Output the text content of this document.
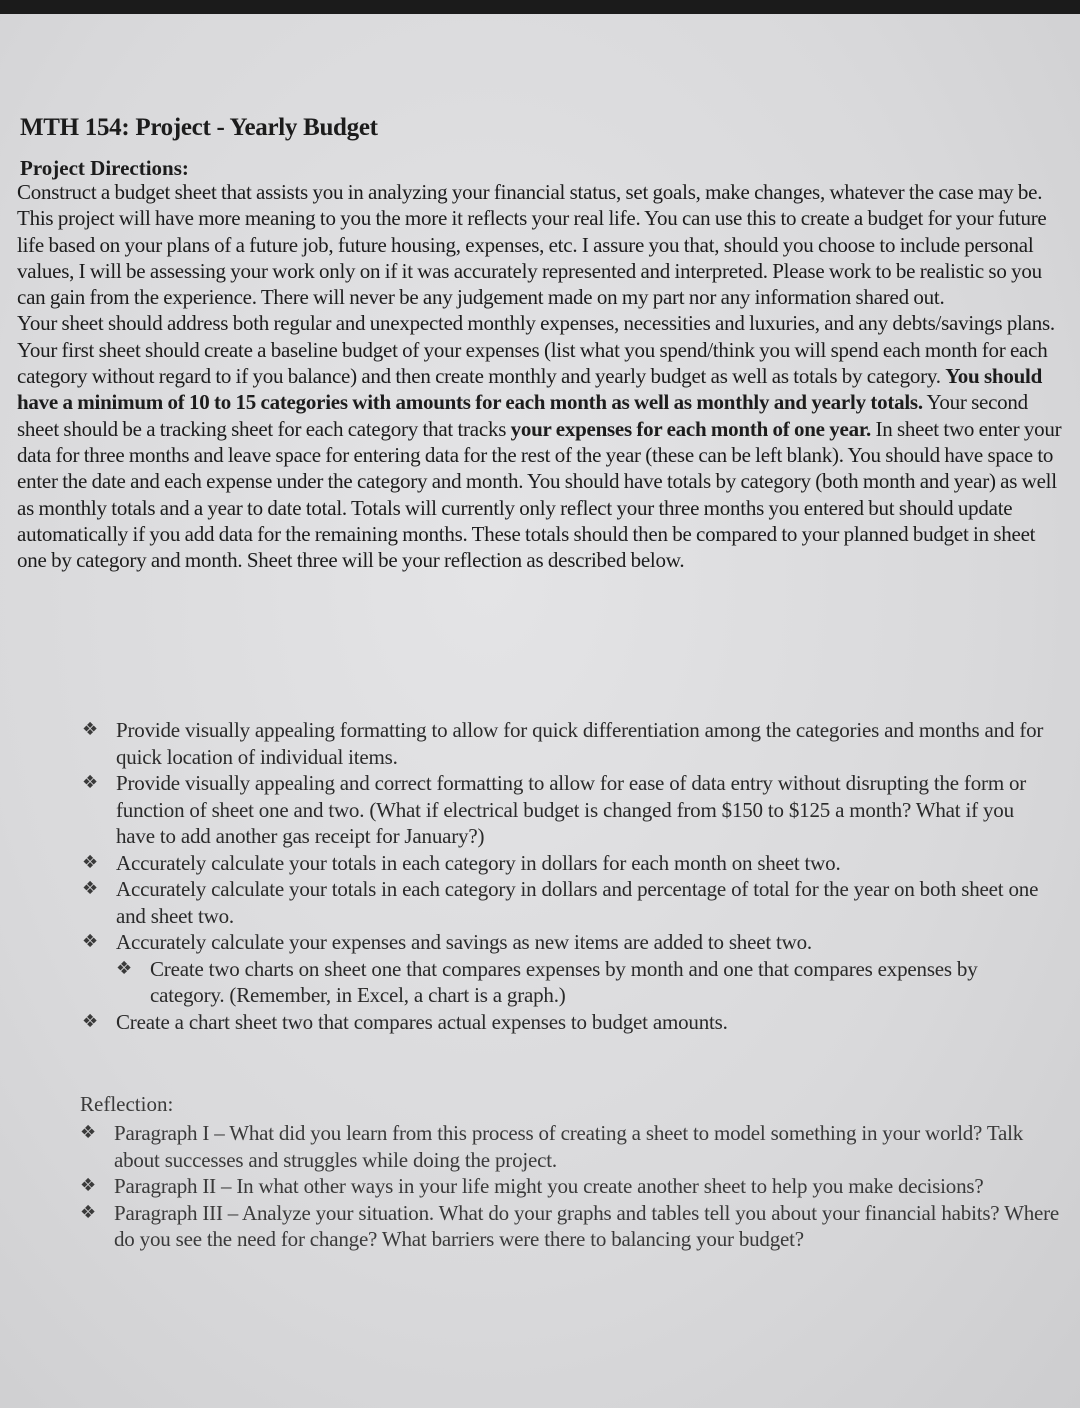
MTH 154: Project - Yearly Budget
Project Directions:

Construct a budget sheet that assists you in analyzing your financial status, set goals, make changes, whatever the case may be. This project will have more meaning to you the more it reflects your real life. You can use this to create a budget for your future life based on your plans of a future job, future housing, expenses, etc. I assure you that, should you choose to include personal values, I will be assessing your work only on if it was accurately represented and interpreted. Please work to be realistic so you can gain from the experience. There will never be any judgement made on my part nor any information shared out.

Your sheet should address both regular and unexpected monthly expenses, necessities and luxuries, and any debts/savings plans. Your first sheet should create a baseline budget of your expenses (list what you spend/think you will spend each month for each category without regard to if you balance) and then create monthly and yearly budget as well as totals by category. You should have a minimum of 10 to 15 categories with amounts for each month as well as monthly and yearly totals. Your second sheet should be a tracking sheet for each category that tracks your expenses for each month of one year. In sheet two enter your data for three months and leave space for entering data for the rest of the year (these can be left blank). You should have space to enter the date and each expense under the category and month. You should have totals by category (both month and year) as well as monthly totals and a year to date total. Totals will currently only reflect your three months you entered but should update automatically if you add data for the remaining months. These totals should then be compared to your planned budget in sheet one by category and month. Sheet three will be your reflection as described below.

❖ Provide visually appealing formatting to allow for quick differentiation among the categories and months and for quick location of individual items.
❖ Provide visually appealing and correct formatting to allow for ease of data entry without disrupting the form or function of sheet one and two. (What if electrical budget is changed from $150 to $125 a month? What if you have to add another gas receipt for January?)
❖ Accurately calculate your totals in each category in dollars for each month on sheet two.
❖ Accurately calculate your totals in each category in dollars and percentage of total for the year on both sheet one and sheet two.
❖ Accurately calculate your expenses and savings as new items are added to sheet two.
❖ Create two charts on sheet one that compares expenses by month and one that compares expenses by category. (Remember, in Excel, a chart is a graph.)
❖ Create a chart sheet two that compares actual expenses to budget amounts.

Reflection:

❖ Paragraph I – What did you learn from this process of creating a sheet to model something in your world? Talk about successes and struggles while doing the project.
❖ Paragraph II – In what other ways in your life might you create another sheet to help you make decisions?
❖ Paragraph III – Analyze your situation. What do your graphs and tables tell you about your financial habits? Where do you see the need for change? What barriers were there to balancing your budget?
